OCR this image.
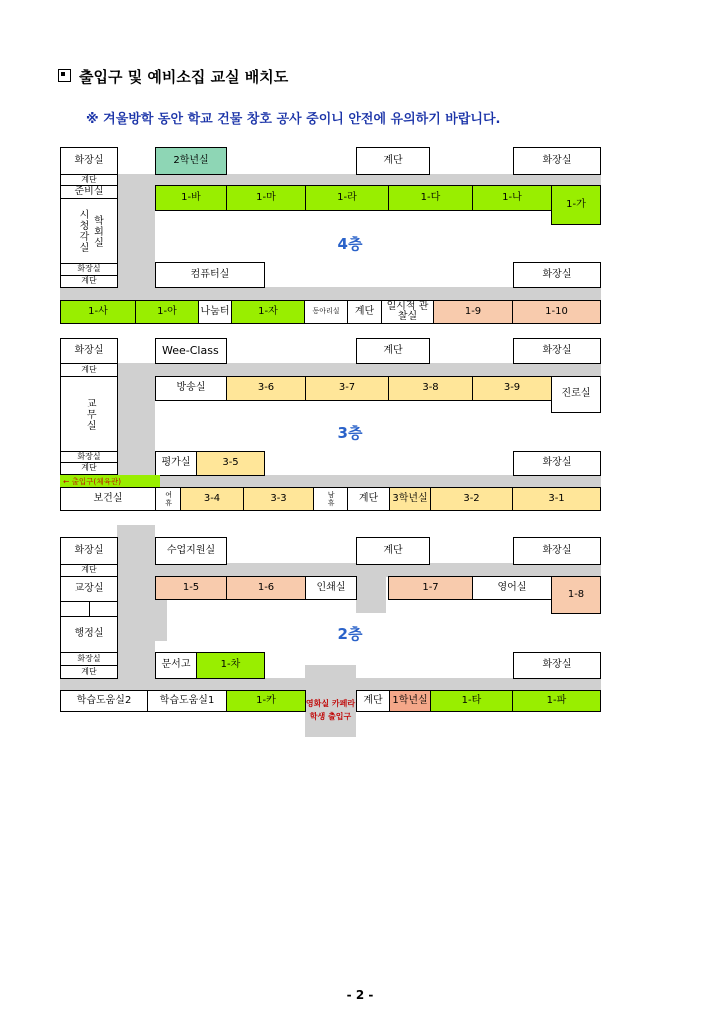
출입구 및 예비소집 교실 배치도
※ 겨울방학 동안 학교 건물 창호 공사 중이니 안전에 유의하기 바랍니다.
화장실	2학년실	계단	화장실
계단
준비실
시청각실 학회실
화장실
계단
1-바	1-마	1-라	1-다	1-나
1-가
4층
컴퓨터실	화장실
1-사	1-아	나눔터	1-자	동아리실	계단	일시적 관찰실	1-9	1-10
화장실	Wee-Class	계단	화장실
계단
교무실
화장실
계단
방송실	3-6	3-7	3-8	3-9
진로실
3층
평가실	3-5	화장실
← 출입구(체육관)
보건실	여휴	3-4	3-3	남휴	계단	3학년실	3-2	3-1
화장실	수업지원실	계단	화장실
계단
교장실
행정실
화장실
계단
1-5	1-6	인쇄실	1-7	영어실
1-8
2층
문서고	1-차	화장실
학습도움실2	학습도움실1	1-카	영화실 카페라
학생 출입구
계단 1학년실	1-타	1-파
- 2 -
